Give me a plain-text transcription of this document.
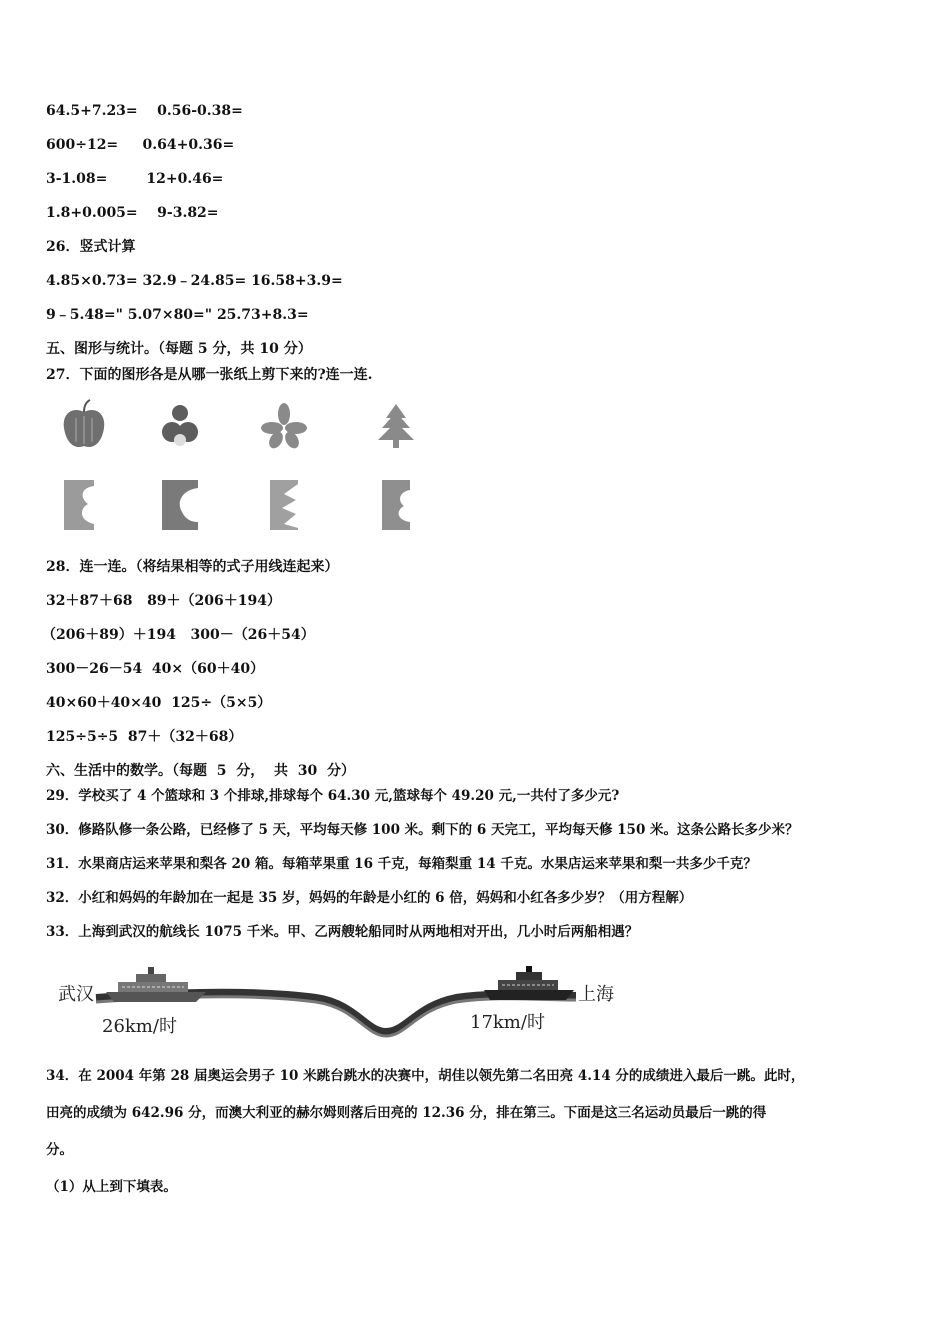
64.5+7.23=    0.56-0.38=
600÷12=     0.64+0.36=
3-1.08=        12+0.46=
1.8+0.005=    9-3.82=
26．竖式计算
4.85×0.73= 32.9﹣24.85= 16.58+3.9=
9﹣5.48=" 5.07×80=" 25.73+8.3=
五、图形与统计。（每题 5 分，共 10 分）
27．下面的图形各是从哪一张纸上剪下来的?连一连.
28．连一连。（将结果相等的式子用线连起来）
32＋87＋68   89＋（206＋194）
（206＋89）＋194   300－（26＋54）
300－26－54  40×（60＋40）
40×60＋40×40  125÷（5×5）
125÷5÷5  87＋（32＋68）
六、生活中的数学。（每题  5  分，  共  30  分）
29．学校买了 4 个篮球和 3 个排球,排球每个 64.30 元,篮球每个 49.20 元,一共付了多少元?
30．修路队修一条公路，已经修了 5 天，平均每天修 100 米。剩下的 6 天完工，平均每天修 150 米。这条公路长多少米？
31．水果商店运来苹果和梨各 20 箱。每箱苹果重 16 千克，每箱梨重 14 千克。水果店运来苹果和梨一共多少千克？
32．小红和妈妈的年龄加在一起是 35 岁，妈妈的年龄是小红的 6 倍，妈妈和小红各多少岁？（用方程解）
33．上海到武汉的航线长 1075 千米。甲、乙两艘轮船同时从两地相对开出，几小时后两船相遇？
武汉	上海
26km/时	17km/时
34．在 2004 年第 28 届奥运会男子 10 米跳台跳水的决赛中，胡佳以领先第二名田亮 4.14 分的成绩进入最后一跳。此时，
田亮的成绩为 642.96 分，而澳大利亚的赫尔姆则落后田亮的 12.36 分，排在第三。下面是这三名运动员最后一跳的得
分。
（1）从上到下填表。
